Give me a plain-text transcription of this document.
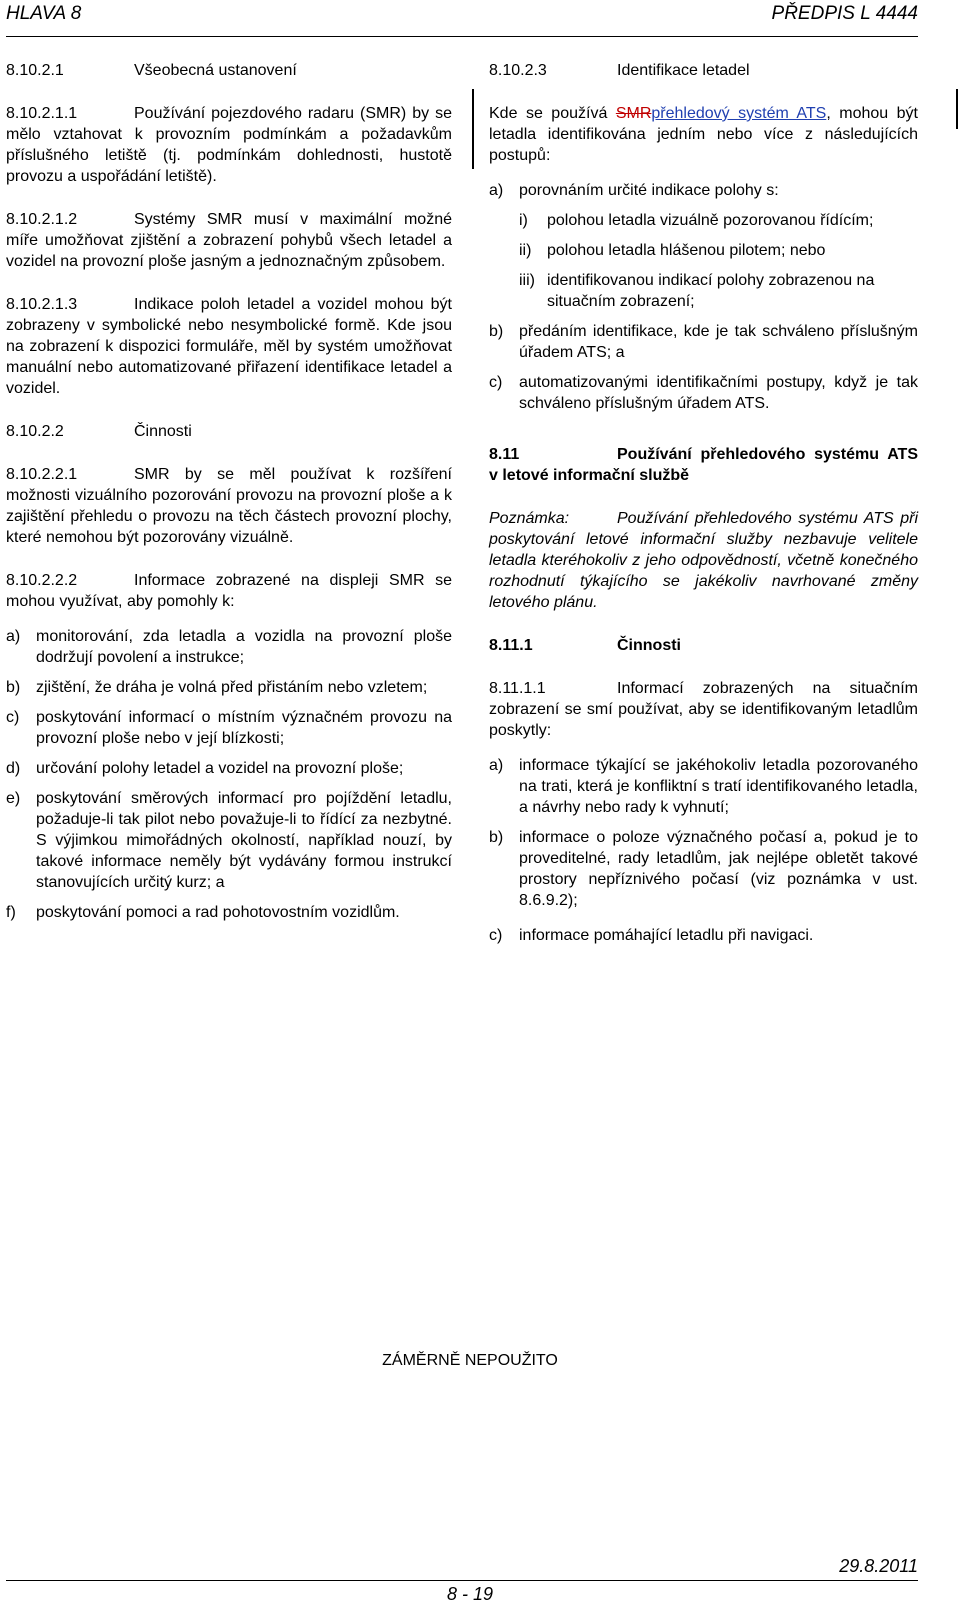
HLAVA 8	PŘEDPIS L 4444

8.10.2.1	Všeobecná ustanovení

8.10.2.1.1	Používání pojezdového radaru (SMR) by se mělo vztahovat k provozním podmínkám a požadavkům příslušného letiště (tj. podmínkám dohlednosti, hustotě provozu a uspořádání letiště).

8.10.2.1.2	Systémy SMR musí v maximální možné míře umožňovat zjištění a zobrazení pohybů všech letadel a vozidel na provozní ploše jasným a jednoznačným způsobem.

8.10.2.1.3	Indikace poloh letadel a vozidel mohou být zobrazeny v symbolické nebo nesymbolické formě. Kde jsou na zobrazení k dispozici formuláře, měl by systém umožňovat manuální nebo automatizované přiřazení identifikace letadel a vozidel.

8.10.2.2	Činnosti

8.10.2.2.1	SMR by se měl používat k rozšíření možnosti vizuálního pozorování provozu na provozní ploše a k zajištění přehledu o provozu na těch částech provozní plochy, které nemohou být pozorovány vizuálně.

8.10.2.2.2	Informace zobrazené na displeji SMR se mohou využívat, aby pomohly k:

a) monitorování, zda letadla a vozidla na provozní ploše dodržují povolení a instrukce;
b) zjištění, že dráha je volná před přistáním nebo vzletem;
c) poskytování informací o místním význačném provozu na provozní ploše nebo v její blízkosti;
d) určování polohy letadel a vozidel na provozní ploše;
e) poskytování směrových informací pro pojíždění letadlu, požaduje-li tak pilot nebo považuje-li to řídící za nezbytné. S výjimkou mimořádných okolností, například nouzí, by takové informace neměly být vydávány formou instrukcí stanovujících určitý kurz; a
f) poskytování pomoci a rad pohotovostním vozidlům.

8.10.2.3	Identifikace letadel

Kde se používá SMRpřehledový systém ATS, mohou být letadla identifikována jedním nebo více z následujících postupů:

a) porovnáním určité indikace polohy s:
i) polohou letadla vizuálně pozorovanou řídícím;
ii) polohou letadla hlášenou pilotem; nebo
iii) identifikovanou indikací polohy zobrazenou na situačním zobrazení;
b) předáním identifikace, kde je tak schváleno příslušným úřadem ATS; a
c) automatizovanými identifikačními postupy, když je tak schváleno příslušným úřadem ATS.

8.11	Používání přehledového systému ATS v letové informační službě

Poznámka:	Používání přehledového systému ATS při poskytování letové informační služby nezbavuje velitele letadla kteréhokoliv z jeho odpovědností, včetně konečného rozhodnutí týkajícího se jakékoliv navrhované změny letového plánu.

8.11.1	Činnosti

8.11.1.1	Informací zobrazených na situačním zobrazení se smí používat, aby se identifikovaným letadlům poskytly:

a) informace týkající se jakéhokoliv letadla pozorovaného na trati, která je konfliktní s tratí identifikovaného letadla, a návrhy nebo rady k vyhnutí;
b) informace o poloze význačného počasí a, pokud je to proveditelné, rady letadlům, jak nejlépe obletět takové prostory nepříznivého počasí (viz poznámka v ust. 8.6.9.2);
c) informace pomáhající letadlu při navigaci.
ZÁMĚRNĚ NEPOUŽITO
29.8.2011
8 - 19
